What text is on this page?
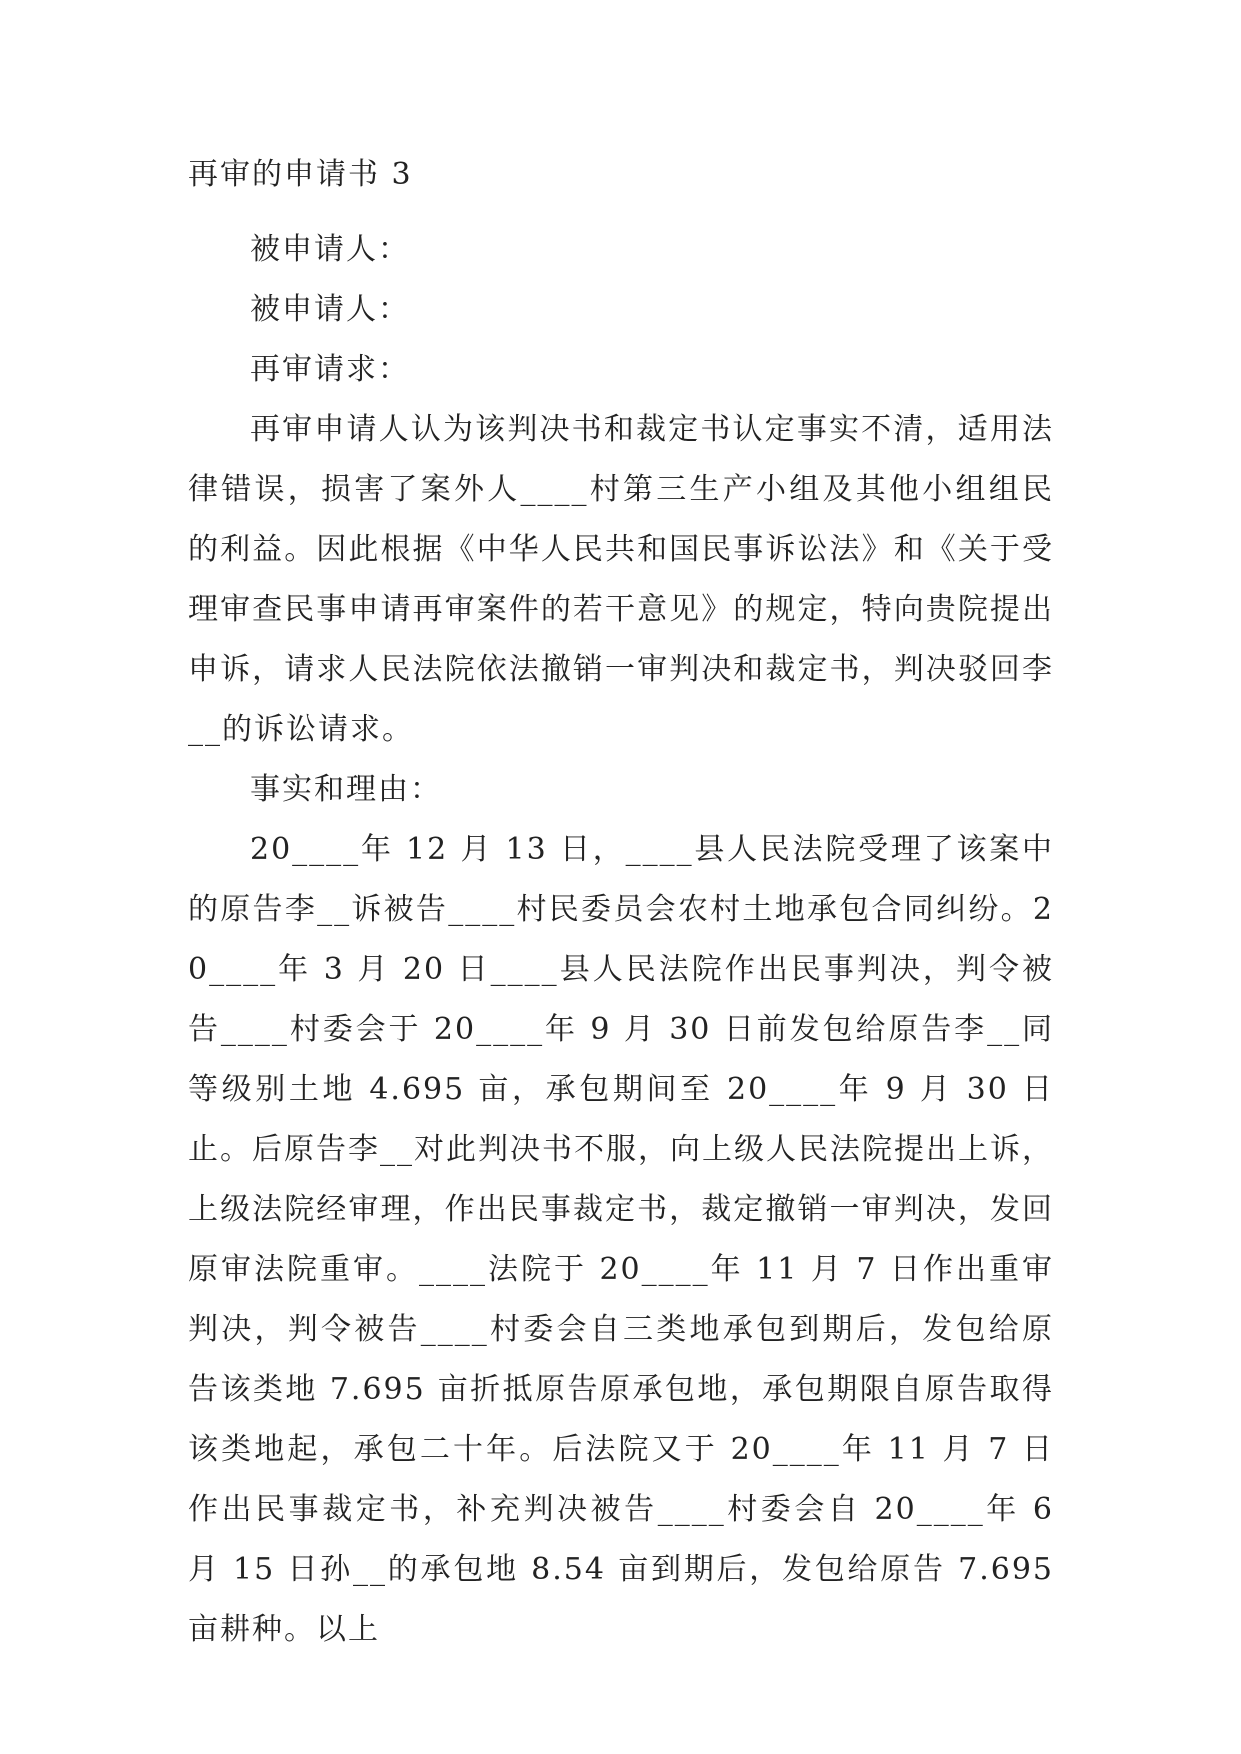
再审的申请书 3

被申请人：

被申请人：

再审请求：

再审申请人认为该判决书和裁定书认定事实不清，适用法律错误，损害了案外人____村第三生产小组及其他小组组民的利益。因此根据《中华人民共和国民事诉讼法》和《关于受理审查民事申请再审案件的若干意见》的规定，特向贵院提出申诉，请求人民法院依法撤销一审判决和裁定书，判决驳回李__的诉讼请求。

事实和理由：

20____年 12 月 13 日，____县人民法院受理了该案中的原告李__诉被告____村民委员会农村土地承包合同纠纷。20____年 3 月 20 日____县人民法院作出民事判决，判令被告____村委会于 20____年 9 月 30 日前发包给原告李__同等级别土地 4.695 亩，承包期间至 20____年 9 月 30 日止。后原告李__对此判决书不服，向上级人民法院提出上诉，上级法院经审理，作出民事裁定书，裁定撤销一审判决，发回原审法院重审。____法院于 20____年 11 月 7 日作出重审判决，判令被告____村委会自三类地承包到期后，发包给原告该类地 7.695 亩折抵原告原承包地，承包期限自原告取得该类地起，承包二十年。后法院又于 20____年 11 月 7 日作出民事裁定书，补充判决被告____村委会自 20____年 6 月 15 日孙__的承包地 8.54 亩到期后，发包给原告 7.695 亩耕种。以上
